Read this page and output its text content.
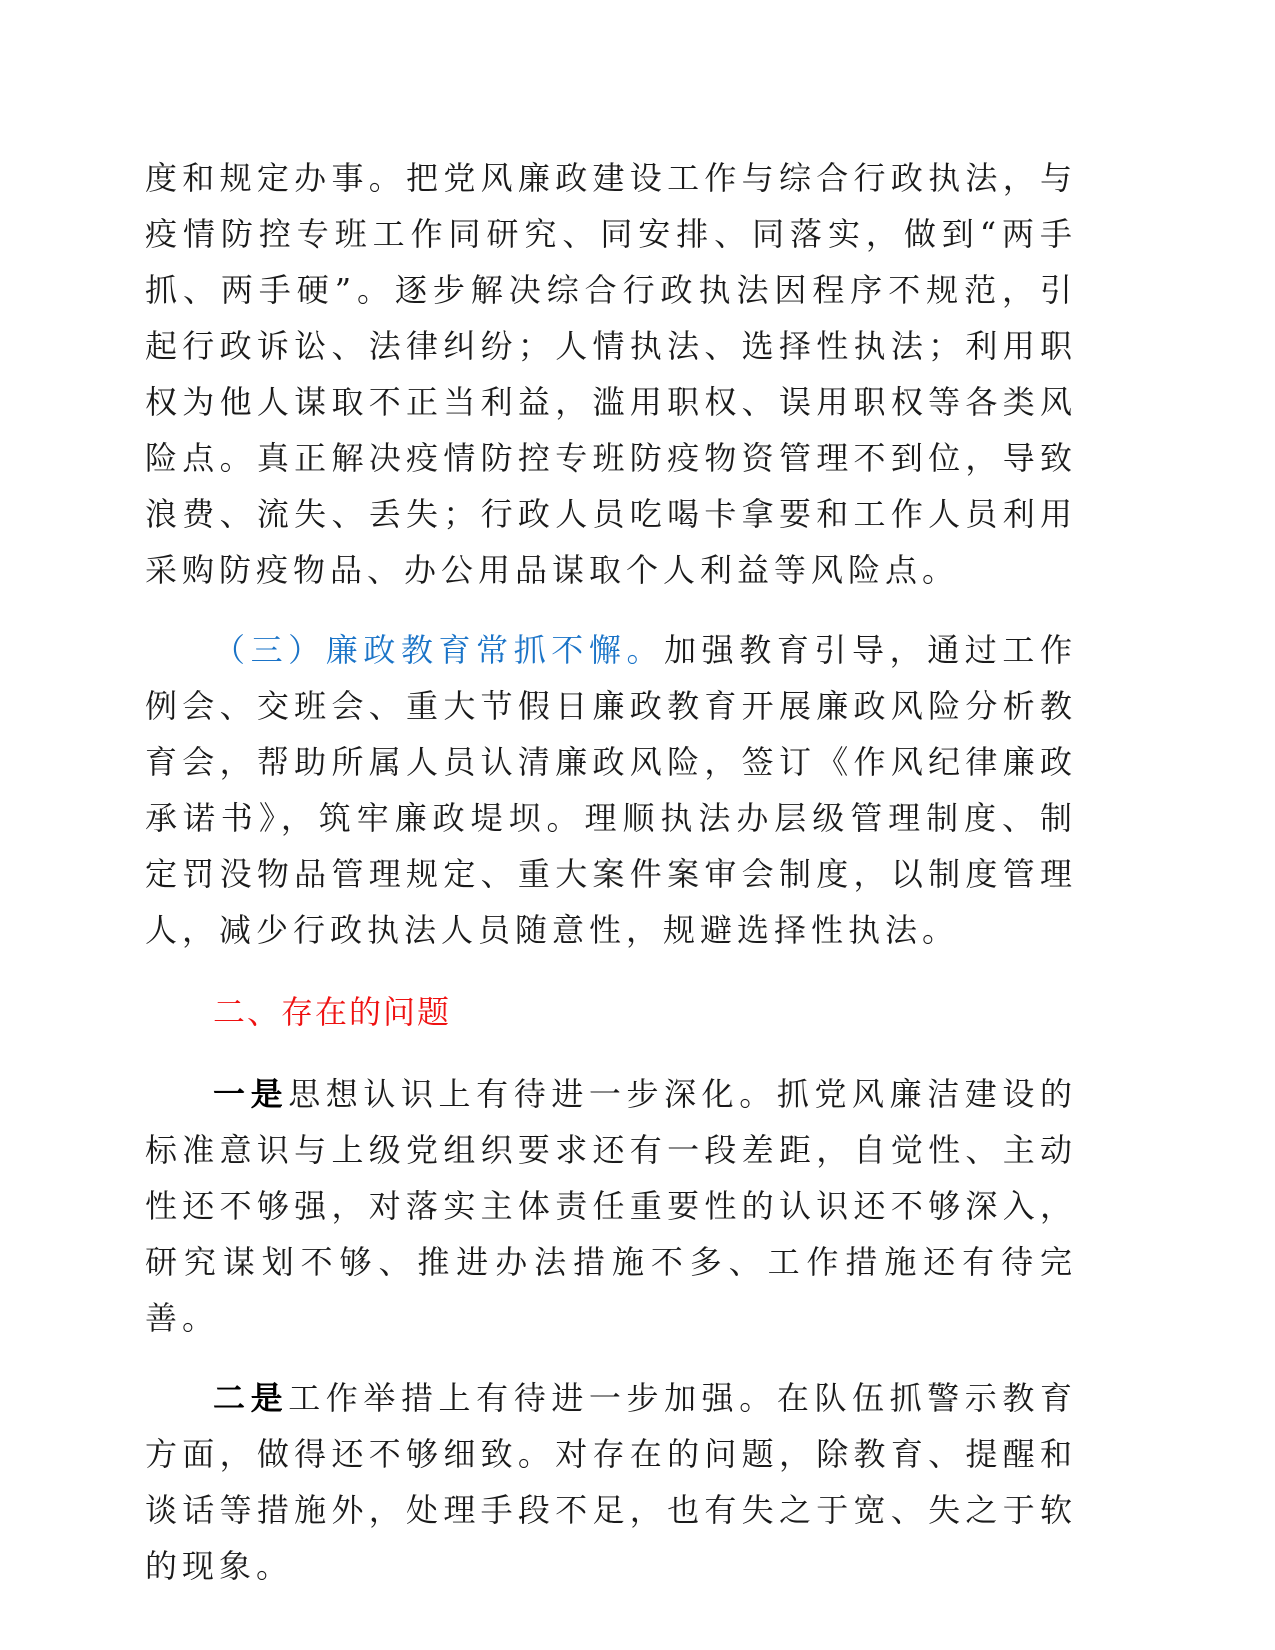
度和规定办事。把党风廉政建设工作与综合行政执法，与疫情防控专班工作同研究、同安排、同落实，做到“两手抓、两手硬”。逐步解决综合行政执法因程序不规范，引起行政诉讼、法律纠纷；人情执法、选择性执法；利用职权为他人谋取不正当利益，滥用职权、误用职权等各类风险点。真正解决疫情防控专班防疫物资管理不到位，导致浪费、流失、丢失；行政人员吃喝卡拿要和工作人员利用采购防疫物品、办公用品谋取个人利益等风险点。

（三）廉政教育常抓不懈。加强教育引导，通过工作例会、交班会、重大节假日廉政教育开展廉政风险分析教育会，帮助所属人员认清廉政风险，签订《作风纪律廉政承诺书》，筑牢廉政堤坝。理顺执法办层级管理制度、制定罚没物品管理规定、重大案件案审会制度，以制度管理人，减少行政执法人员随意性，规避选择性执法。

二、存在的问题

一是思想认识上有待进一步深化。抓党风廉洁建设的标准意识与上级党组织要求还有一段差距，自觉性、主动性还不够强，对落实主体责任重要性的认识还不够深入，研究谋划不够、推进办法措施不多、工作措施还有待完善。

二是工作举措上有待进一步加强。在队伍抓警示教育方面，做得还不够细致。对存在的问题，除教育、提醒和谈话等措施外，处理手段不足，也有失之于宽、失之于软的现象。
